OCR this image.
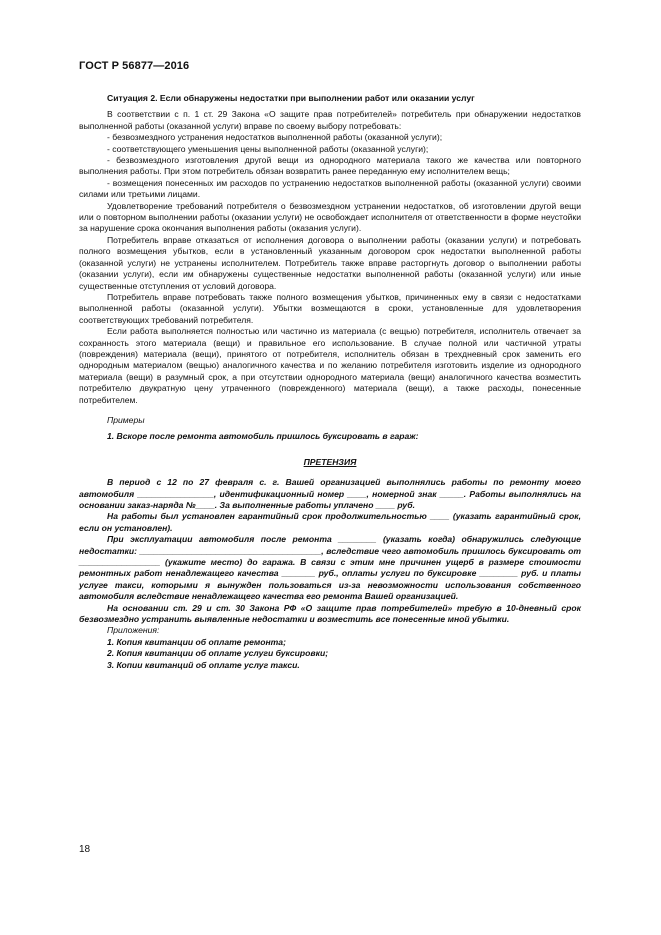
ГОСТ Р 56877—2016

Ситуация 2. Если обнаружены недостатки при выполнении работ или оказании услуг

В соответствии с п. 1 ст. 29 Закона «О защите прав потребителей» потребитель при обнаружении недостатков выполненной работы (оказанной услуги) вправе по своему выбору потребовать:

- безвозмездного устранения недостатков выполненной работы (оказанной услуги);

- соответствующего уменьшения цены выполненной работы (оказанной услуги);

- безвозмездного изготовления другой вещи из однородного материала такого же качества или повторного выполнения работы. При этом потребитель обязан возвратить ранее переданную ему исполнителем вещь;

- возмещения понесенных им расходов по устранению недостатков выполненной работы (оказанной услуги) своими силами или третьими лицами.

Удовлетворение требований потребителя о безвозмездном устранении недостатков, об изготовлении другой вещи или о повторном выполнении работы (оказании услуги) не освобождает исполнителя от ответственности в форме неустойки за нарушение срока окончания выполнения работы (оказания услуги).

Потребитель вправе отказаться от исполнения договора о выполнении работы (оказании услуги) и потребовать полного возмещения убытков, если в установленный указанным договором срок недостатки выполненной работы (оказанной услуги) не устранены исполнителем. Потребитель также вправе расторгнуть договор о выполнении работы (оказании услуги), если им обнаружены существенные недостатки выполненной работы (оказанной услуги) или иные существенные отступления от условий договора.

Потребитель вправе потребовать также полного возмещения убытков, причиненных ему в связи с недостатками выполненной работы (оказанной услуги). Убытки возмещаются в сроки, установленные для удовлетворения соответствующих требований потребителя.

Если работа выполняется полностью или частично из материала (с вещью) потребителя, исполнитель отвечает за сохранность этого материала (вещи) и правильное его использование. В случае полной или частичной утраты (повреждения) материала (вещи), принятого от потребителя, исполнитель обязан в трехдневный срок заменить его однородным материалом (вещью) аналогичного качества и по желанию потребителя изготовить изделие из однородного материала (вещи) в разумный срок, а при отсутствии однородного материала (вещи) аналогичного качества возместить потребителю двукратную цену утраченного (поврежденного) материала (вещи), а также расходы, понесенные потребителем.

Примеры

1. Вскоре после ремонта автомобиль пришлось буксировать в гараж:

ПРЕТЕНЗИЯ

В период с 12 по 27 февраля с. г. Вашей организацией выполнялись работы по ремонту моего автомобиля ________________, идентификационный номер ____, номерной знак _____. Работы выполнялись на основании заказ-наряда №____. За выполненные работы уплачено ____ руб.

На работы был установлен гарантийный срок продолжительностью ____ (указать гарантийный срок, если он установлен).

При эксплуатации автомобиля после ремонта ________ (указать когда) обнаружились следующие недостатки: ______________________________________, вследствие чего автомобиль пришлось буксировать от _________________ (укажите место) до гаража. В связи с этим мне причинен ущерб в размере стоимости ремонтных работ ненадлежащего качества _______ руб., оплаты услуги по буксировке ________ руб. и платы услуге такси, которыми я вынужден пользоваться из-за невозможности использования собственного автомобиля вследствие ненадлежащего качества его ремонта Вашей организацией.

На основании ст. 29 и ст. 30 Закона РФ «О защите прав потребителей» требую в 10-дневный срок безвозмездно устранить выявленные недостатки и возместить все понесенные мной убытки.

Приложения:

1. Копия квитанции об оплате ремонта;

2. Копия квитанции об оплате услуги буксировки;

3. Копии квитанций об оплате услуг такси.

18
